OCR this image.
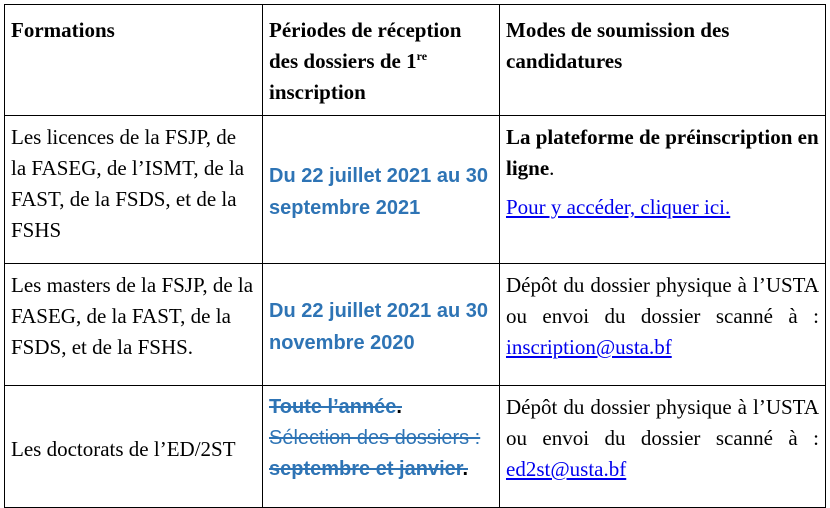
Formations	Périodes de réception des dossiers de 1re inscription	Modes de soumission des candidatures
Les licences de la FSJP, de la FASEG, de l’ISMT, de la FAST, de la FSDS, et de la FSHS	Du 22 juillet 2021 au 30 septembre 2021	La plateforme de préinscription en ligne.
Pour y accéder, cliquer ici.

Les masters de la FSJP, de la FASEG, de la FAST, de la FSDS, et de la FSHS.	Du 22 juillet 2021 au 30 novembre 2020	Dépôt du dossier physique à l’USTA ou envoi du dossier scanné à : inscription@usta.bf
Les doctorats de l’ED/2ST	Toute l’année.
Sélection des dossiers :
septembre et janvier.	Dépôt du dossier physique à l’USTA ou envoi du dossier scanné à : ed2st@usta.bf
